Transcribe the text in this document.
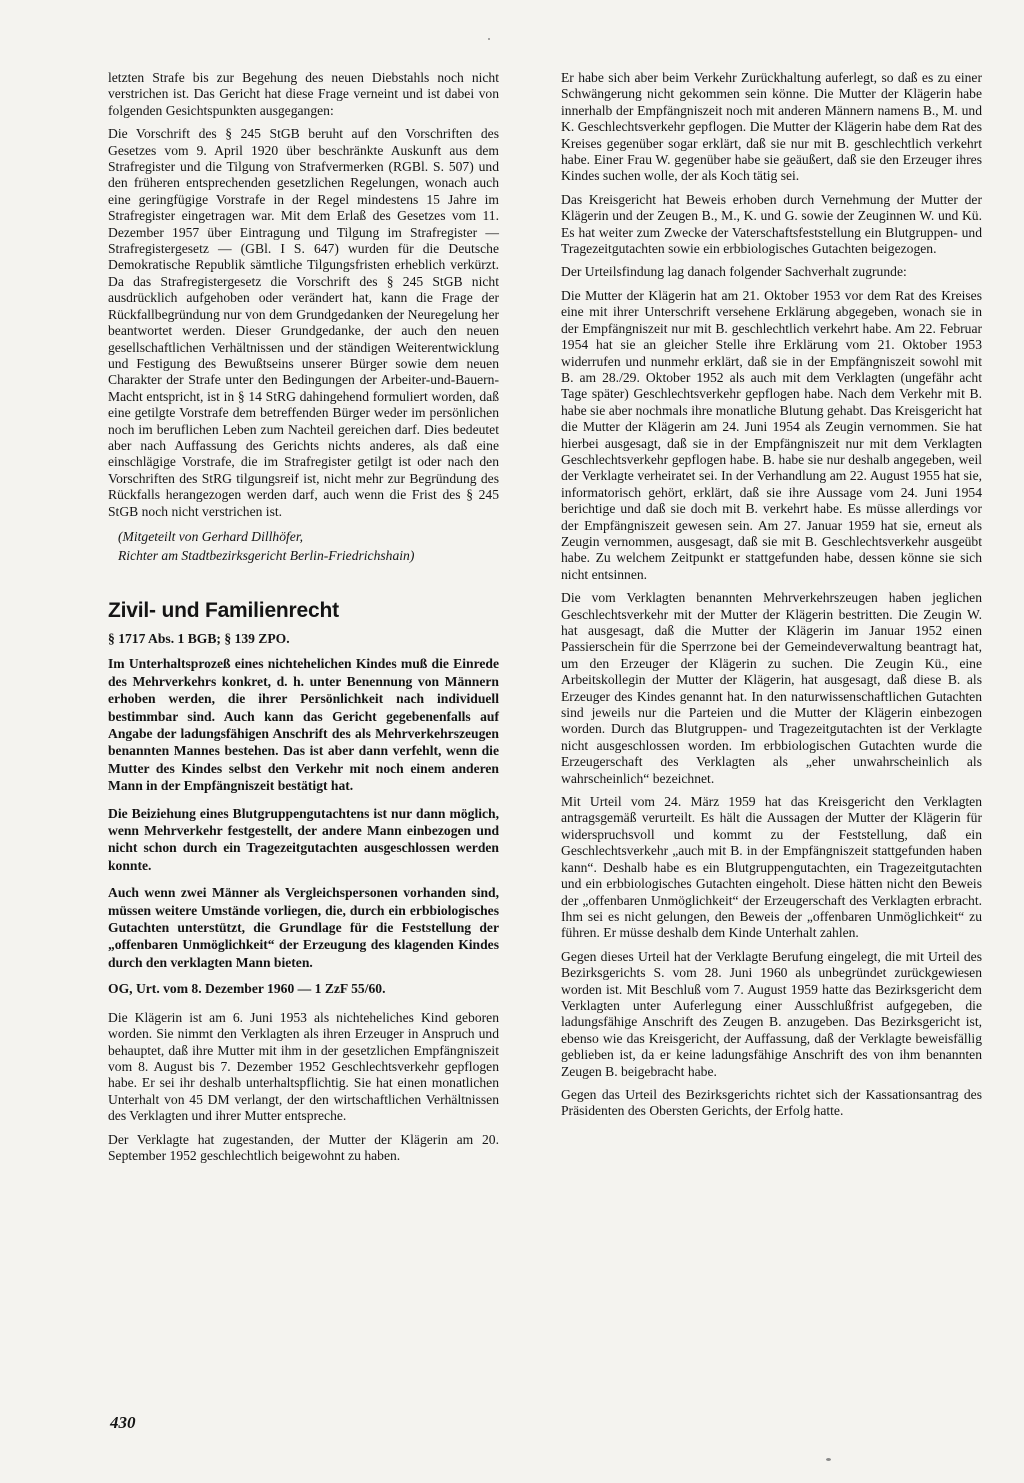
letzten Strafe bis zur Begehung des neuen Diebstahls noch nicht verstrichen ist. Das Gericht hat diese Frage verneint und ist dabei von folgenden Gesichtspunkten ausgegangen:

Die Vorschrift des § 245 StGB beruht auf den Vorschriften des Gesetzes vom 9. April 1920 über beschränkte Auskunft aus dem Strafregister und die Tilgung von Strafvermerken (RGBl. S. 507) und den früheren entsprechenden gesetzlichen Regelungen, wonach auch eine geringfügige Vorstrafe in der Regel mindestens 15 Jahre im Strafregister eingetragen war. Mit dem Erlaß des Gesetzes vom 11. Dezember 1957 über Eintragung und Tilgung im Strafregister — Strafregistergesetz — (GBl. I S. 647) wurden für die Deutsche Demokratische Republik sämtliche Tilgungsfristen erheblich verkürzt. Da das Strafregistergesetz die Vorschrift des § 245 StGB nicht ausdrücklich aufgehoben oder verändert hat, kann die Frage der Rückfallbegründung nur von dem Grundgedanken der Neuregelung her beantwortet werden. Dieser Grundgedanke, der auch den neuen gesellschaftlichen Verhältnissen und der ständigen Weiterentwicklung und Festigung des Bewußtseins unserer Bürger sowie dem neuen Charakter der Strafe unter den Bedingungen der Arbeiter-und-Bauern-Macht entspricht, ist in § 14 StRG dahingehend formuliert worden, daß eine getilgte Vorstrafe dem betreffenden Bürger weder im persönlichen noch im beruflichen Leben zum Nachteil gereichen darf. Dies bedeutet aber nach Auffassung des Gerichts nichts anderes, als daß eine einschlägige Vorstrafe, die im Strafregister getilgt ist oder nach den Vorschriften des StRG tilgungsreif ist, nicht mehr zur Begründung des Rückfalls herangezogen werden darf, auch wenn die Frist des § 245 StGB noch nicht verstrichen ist.

(Mitgeteilt von Gerhard Dillhöfer,
Richter am Stadtbezirksgericht Berlin-Friedrichshain)
Zivil- und Familienrecht

§ 1717 Abs. 1 BGB; § 139 ZPO.

Im Unterhaltsprozeß eines nichtehelichen Kindes muß die Einrede des Mehrverkehrs konkret, d. h. unter Benennung von Männern erhoben werden, die ihrer Persönlichkeit nach individuell bestimmbar sind. Auch kann das Gericht gegebenenfalls auf Angabe der ladungsfähigen Anschrift des als Mehrverkehrszeugen benannten Mannes bestehen. Das ist aber dann verfehlt, wenn die Mutter des Kindes selbst den Verkehr mit noch einem anderen Mann in der Empfängniszeit bestätigt hat.

Die Beiziehung eines Blutgruppengutachtens ist nur dann möglich, wenn Mehrverkehr festgestellt, der andere Mann einbezogen und nicht schon durch ein Tragezeitgutachten ausgeschlossen werden konnte.

Auch wenn zwei Männer als Vergleichspersonen vorhanden sind, müssen weitere Umstände vorliegen, die, durch ein erbbiologisches Gutachten unterstützt, die Grundlage für die Feststellung der „offenbaren Unmöglichkeit“ der Erzeugung des klagenden Kindes durch den verklagten Mann bieten.

OG, Urt. vom 8. Dezember 1960 — 1 ZzF 55/60.

Die Klägerin ist am 6. Juni 1953 als nichteheliches Kind geboren worden. Sie nimmt den Verklagten als ihren Erzeuger in Anspruch und behauptet, daß ihre Mutter mit ihm in der gesetzlichen Empfängniszeit vom 8. August bis 7. Dezember 1952 Geschlechtsverkehr gepflogen habe. Er sei ihr deshalb unterhaltspflichtig. Sie hat einen monatlichen Unterhalt von 45 DM verlangt, der den wirtschaftlichen Verhältnissen des Verklagten und ihrer Mutter entspreche.

Der Verklagte hat zugestanden, der Mutter der Klägerin am 20. September 1952 geschlechtlich beigewohnt zu haben.

Er habe sich aber beim Verkehr Zurückhaltung auferlegt, so daß es zu einer Schwängerung nicht gekommen sein könne. Die Mutter der Klägerin habe innerhalb der Empfängniszeit noch mit anderen Männern namens B., M. und K. Geschlechtsverkehr gepflogen. Die Mutter der Klägerin habe dem Rat des Kreises gegenüber sogar erklärt, daß sie nur mit B. geschlechtlich verkehrt habe. Einer Frau W. gegenüber habe sie geäußert, daß sie den Erzeuger ihres Kindes suchen wolle, der als Koch tätig sei.

Das Kreisgericht hat Beweis erhoben durch Vernehmung der Mutter der Klägerin und der Zeugen B., M., K. und G. sowie der Zeuginnen W. und Kü. Es hat weiter zum Zwecke der Vaterschaftsfeststellung ein Blutgruppen- und Tragezeitgutachten sowie ein erbbiologisches Gutachten beigezogen.

Der Urteilsfindung lag danach folgender Sachverhalt zugrunde:

Die Mutter der Klägerin hat am 21. Oktober 1953 vor dem Rat des Kreises eine mit ihrer Unterschrift versehene Erklärung abgegeben, wonach sie in der Empfängniszeit nur mit B. geschlechtlich verkehrt habe. Am 22. Februar 1954 hat sie an gleicher Stelle ihre Erklärung vom 21. Oktober 1953 widerrufen und nunmehr erklärt, daß sie in der Empfängniszeit sowohl mit B. am 28./29. Oktober 1952 als auch mit dem Verklagten (ungefähr acht Tage später) Geschlechtsverkehr gepflogen habe. Nach dem Verkehr mit B. habe sie aber nochmals ihre monatliche Blutung gehabt. Das Kreisgericht hat die Mutter der Klägerin am 24. Juni 1954 als Zeugin vernommen. Sie hat hierbei ausgesagt, daß sie in der Empfängniszeit nur mit dem Verklagten Geschlechtsverkehr gepflogen habe. B. habe sie nur deshalb angegeben, weil der Verklagte verheiratet sei. In der Verhandlung am 22. August 1955 hat sie, informatorisch gehört, erklärt, daß sie ihre Aussage vom 24. Juni 1954 berichtige und daß sie doch mit B. verkehrt habe. Es müsse allerdings vor der Empfängniszeit gewesen sein. Am 27. Januar 1959 hat sie, erneut als Zeugin vernommen, ausgesagt, daß sie mit B. Geschlechtsverkehr ausgeübt habe. Zu welchem Zeitpunkt er stattgefunden habe, dessen könne sie sich nicht entsinnen.

Die vom Verklagten benannten Mehrverkehrszeugen haben jeglichen Geschlechtsverkehr mit der Mutter der Klägerin bestritten. Die Zeugin W. hat ausgesagt, daß die Mutter der Klägerin im Januar 1952 einen Passierschein für die Sperrzone bei der Gemeindeverwaltung beantragt hat, um den Erzeuger der Klägerin zu suchen. Die Zeugin Kü., eine Arbeitskollegin der Mutter der Klägerin, hat ausgesagt, daß diese B. als Erzeuger des Kindes genannt hat. In den naturwissenschaftlichen Gutachten sind jeweils nur die Parteien und die Mutter der Klägerin einbezogen worden. Durch das Blutgruppen- und Tragezeitgutachten ist der Verklagte nicht ausgeschlossen worden. Im erbbiologischen Gutachten wurde die Erzeugerschaft des Verklagten als „eher unwahrscheinlich als wahrscheinlich“ bezeichnet.

Mit Urteil vom 24. März 1959 hat das Kreisgericht den Verklagten antragsgemäß verurteilt. Es hält die Aussagen der Mutter der Klägerin für widerspruchsvoll und kommt zu der Feststellung, daß ein Geschlechtsverkehr „auch mit B. in der Empfängniszeit stattgefunden haben kann“. Deshalb habe es ein Blutgruppengutachten, ein Tragezeitgutachten und ein erbbiologisches Gutachten eingeholt. Diese hätten nicht den Beweis der „offenbaren Unmöglichkeit“ der Erzeugerschaft des Verklagten erbracht. Ihm sei es nicht gelungen, den Beweis der „offenbaren Unmöglichkeit“ zu führen. Er müsse deshalb dem Kinde Unterhalt zahlen.

Gegen dieses Urteil hat der Verklagte Berufung eingelegt, die mit Urteil des Bezirksgerichts S. vom 28. Juni 1960 als unbegründet zurückgewiesen worden ist. Mit Beschluß vom 7. August 1959 hatte das Bezirksgericht dem Verklagten unter Auferlegung einer Ausschlußfrist aufgegeben, die ladungsfähige Anschrift des Zeugen B. anzugeben. Das Bezirksgericht ist, ebenso wie das Kreisgericht, der Auffassung, daß der Verklagte beweisfällig geblieben ist, da er keine ladungsfähige Anschrift des von ihm benannten Zeugen B. beigebracht habe.

Gegen das Urteil des Bezirksgerichts richtet sich der Kassationsantrag des Präsidenten des Obersten Gerichts, der Erfolg hatte.

430
